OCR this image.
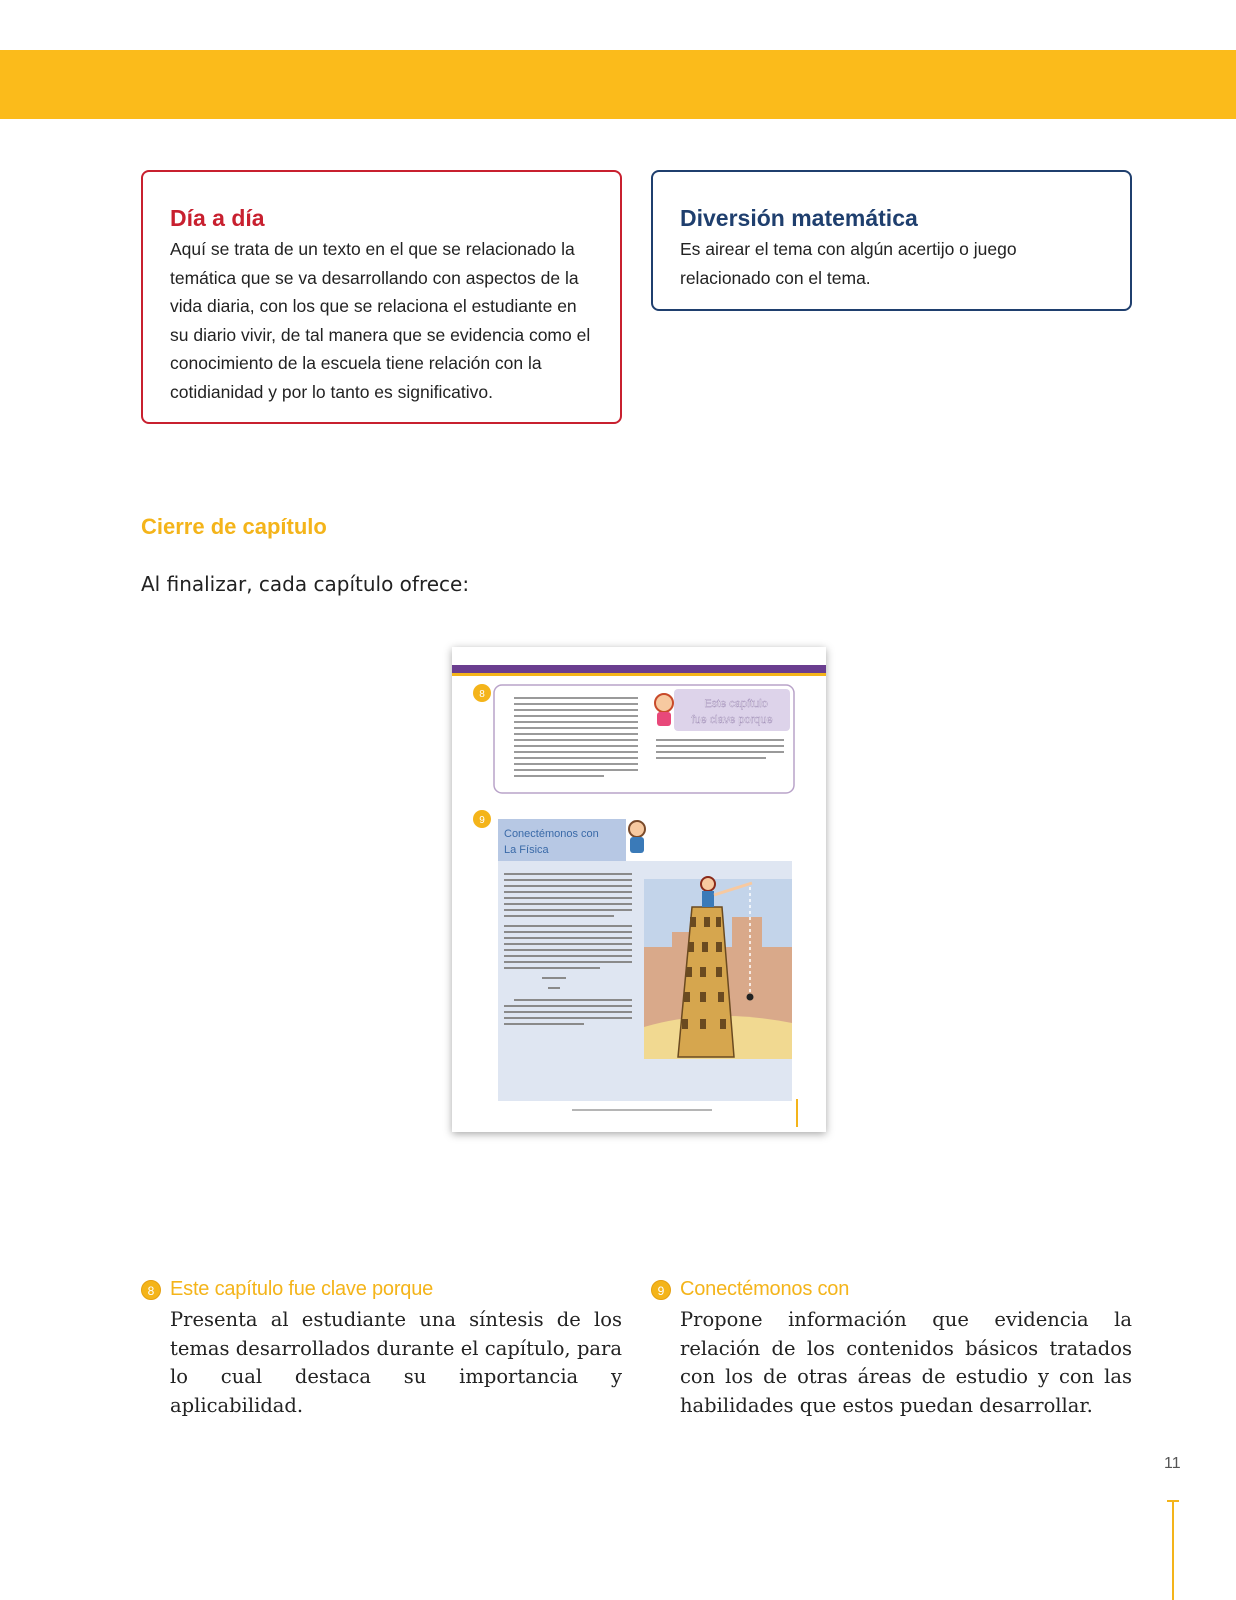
Día a día

Aquí se trata de un texto en el que se relacionado la temática que se va desarrollando con aspectos de la vida diaria, con los que se relaciona el estudiante en su diario vivir, de tal manera que se evidencia como el conocimiento de la escuela tiene relación con la cotidianidad y por lo tanto es significativo.

Diversión matemática

Es airear el tema con algún acertijo o juego relacionado con el tema.

Cierre de capítulo

Al finalizar, cada capítulo ofrece:

Este capítulo
fue clave porque
8
9
Conectémonos con
La Física
8 Este capítulo fue clave porque

Presenta al estudiante una síntesis de los temas desarrollados durante el capítulo, para lo cual destaca su importancia y aplicabilidad.

9 Conectémonos con

Propone información que evidencia la relación de los contenidos básicos tratados con los de otras áreas de estudio y con las habilidades que estos puedan desarrollar.

11
